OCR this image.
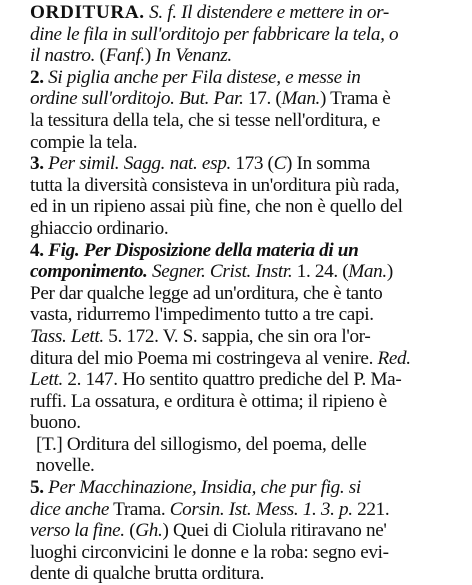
ORDITURA. S. f. Il distendere e mettere in or-
dine le fila in sull'orditojo per fabbricare la tela, o
il nastro. (Fanf.) In Venanz.
2. Si piglia anche per Fila distese, e messe in
ordine sull'orditojo. But. Par. 17. (Man.) Trama è
la tessitura della tela, che si tesse nell'orditura, e
compie la tela.
3. Per simil. Sagg. nat. esp. 173 (C) In somma
tutta la diversità consisteva in un'orditura più rada,
ed in un ripieno assai più fine, che non è quello del
ghiaccio ordinario.
4. Fig. Per Disposizione della materia di un
componimento. Segner. Crist. Instr. 1. 24. (Man.)
Per dar qualche legge ad un'orditura, che è tanto
vasta, ridurremo l'impedimento tutto a tre capi.
Tass. Lett. 5. 172. V. S. sappia, che sin ora l'or-
ditura del mio Poema mi costringeva al venire. Red.
Lett. 2. 147. Ho sentito quattro prediche del P. Ma-
ruffi. La ossatura, e orditura è ottima; il ripieno è
buono.
[T.] Orditura del sillogismo, del poema, delle
novelle.
5. Per Macchinazione, Insidia, che pur fig. si
dice anche Trama. Corsin. Ist. Mess. 1. 3. p. 221.
verso la fine. (Gh.) Quei di Ciolula ritiravano ne'
luoghi circonvicini le donne e la roba: segno evi-
dente di qualche brutta orditura.
